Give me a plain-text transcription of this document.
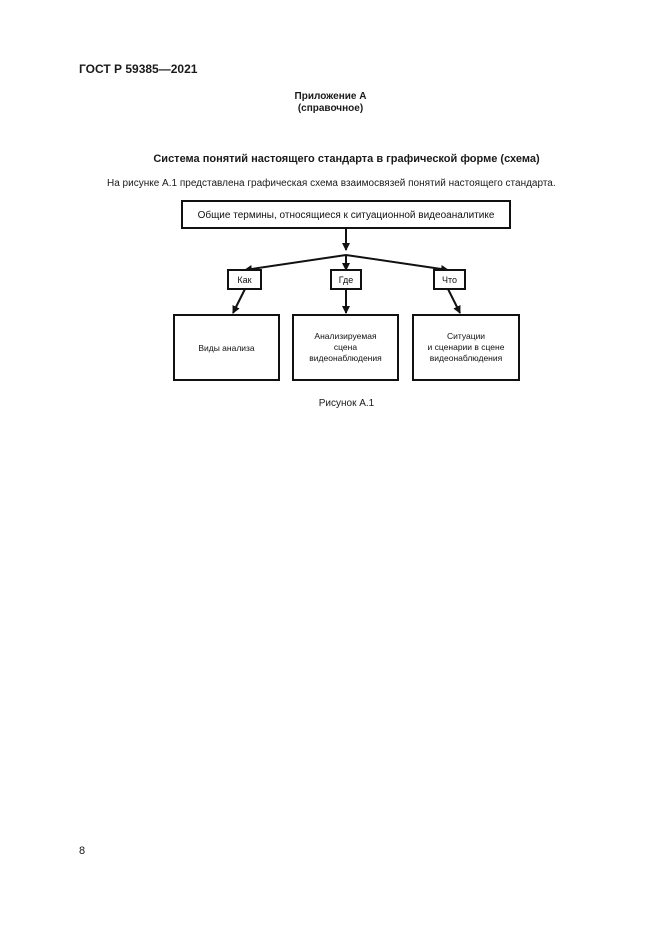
ГОСТ Р 59385—2021
Приложение А
(справочное)
Система понятий настоящего стандарта в графической форме (схема)
На рисунке А.1 представлена графическая схема взаимосвязей понятий настоящего стандарта.
Общие термины, относящиеся к ситуационной видеоаналитике
Как	Где	Что
Виды анализа
Анализируемая
сцена
видеонаблюдения
Ситуации
и сценарии в сцене
видеонаблюдения
Рисунок А.1
8
